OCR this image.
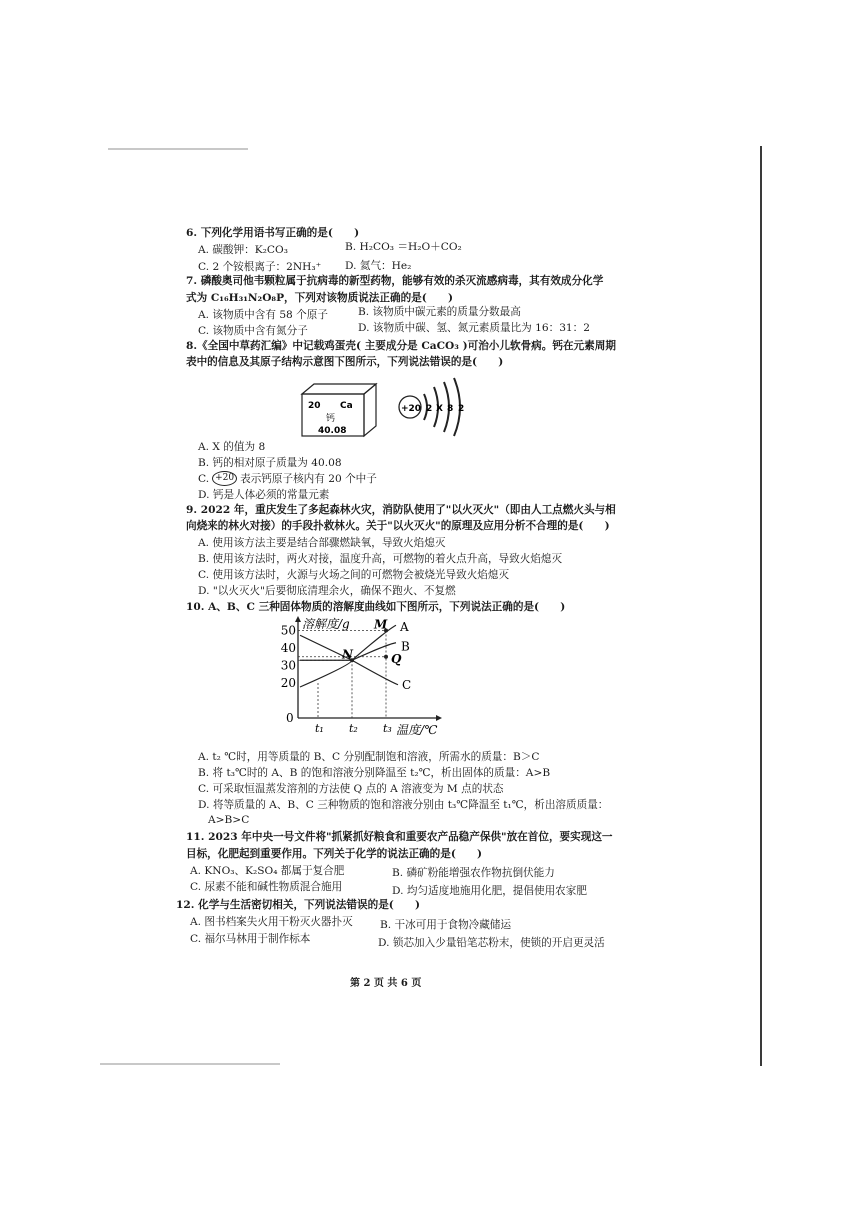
6. 下列化学用语书写正确的是(　　)
A. 碳酸钾：K₂CO₃	B. H₂CO₃ ＝H₂O＋CO₂
C. 2 个铵根离子：2NH₃⁺ D. 氦气：He₂
7. 磷酸奥司他韦颗粒属于抗病毒的新型药物，能够有效的杀灭流感病毒，其有效成分化学
式为 C₁₆H₃₁N₂O₈P，下列对该物质说法正确的是(　　)
A. 该物质中含有 58 个原子	B. 该物质中碳元素的质量分数最高
C. 该物质中含有氮分子	D. 该物质中碳、氢、氮元素质量比为 16：31：2
8.《全国中草药汇编》中记载鸡蛋壳( 主要成分是 CaCO₃ )可治小儿软骨病。钙在元素周期
表中的信息及其原子结构示意图下图所示，下列说法错误的是(　　)
20 Ca
钙
40.08
+20 2 X 8 2
A. X 的值为 8
B. 钙的相对原子质量为 40.08
C. +20 表示钙原子核内有 20 个中子
D. 钙是人体必须的常量元素
9. 2022 年，重庆发生了多起森林火灾，消防队使用了"以火灭火"（即由人工点燃火头与相
向烧来的林火对接）的手段扑救林火。关于"以火灭火"的原理及应用分析不合理的是(　　)
A. 使用该方法主要是结合部骤燃缺氧，导致火焰熄灭
B. 使用该方法时，两火对接，温度升高，可燃物的着火点升高，导致火焰熄灭
C. 使用该方法时，火源与火场之间的可燃物会被烧光导致火焰熄灭
D. "以火灭火"后要彻底清理余火，确保不跑火、不复燃
10. A、B、C 三种固体物质的溶解度曲线如下图所示，下列说法正确的是(　　)
溶解度/g
温度/℃
0
20
30
40
50
t₁ t₂ t₃
A
B
C
M
N	Q
A. t₂ ℃时，用等质量的 B、C 分别配制饱和溶液，所需水的质量：B＞C
B. 将 t₃℃时的 A、B 的饱和溶液分别降温至 t₂℃，析出固体的质量：A>B
C. 可采取恒温蒸发溶剂的方法使 Q 点的 A 溶液变为 M 点的状态
D. 将等质量的 A、B、C 三种物质的饱和溶液分别由 t₃℃降温至 t₁℃，析出溶质质量：
A>B>C
11. 2023 年中央一号文件将"抓紧抓好粮食和重要农产品稳产保供"放在首位，要实现这一
目标，化肥起到重要作用。下列关于化学的说法正确的是(　　)
A. KNO₃、K₂SO₄ 都属于复合肥	B. 磷矿粉能增强农作物抗倒伏能力
C. 尿素不能和碱性物质混合施用	D. 均匀适度地施用化肥，提倡使用农家肥
12. 化学与生活密切相关，下列说法错误的是(　　)
A. 图书档案失火用干粉灭火器扑灭	B. 干冰可用于食物冷藏储运
C. 福尔马林用于制作标本	D. 锁芯加入少量铅笔芯粉末，使锁的开启更灵活
第 2 页 共 6 页
